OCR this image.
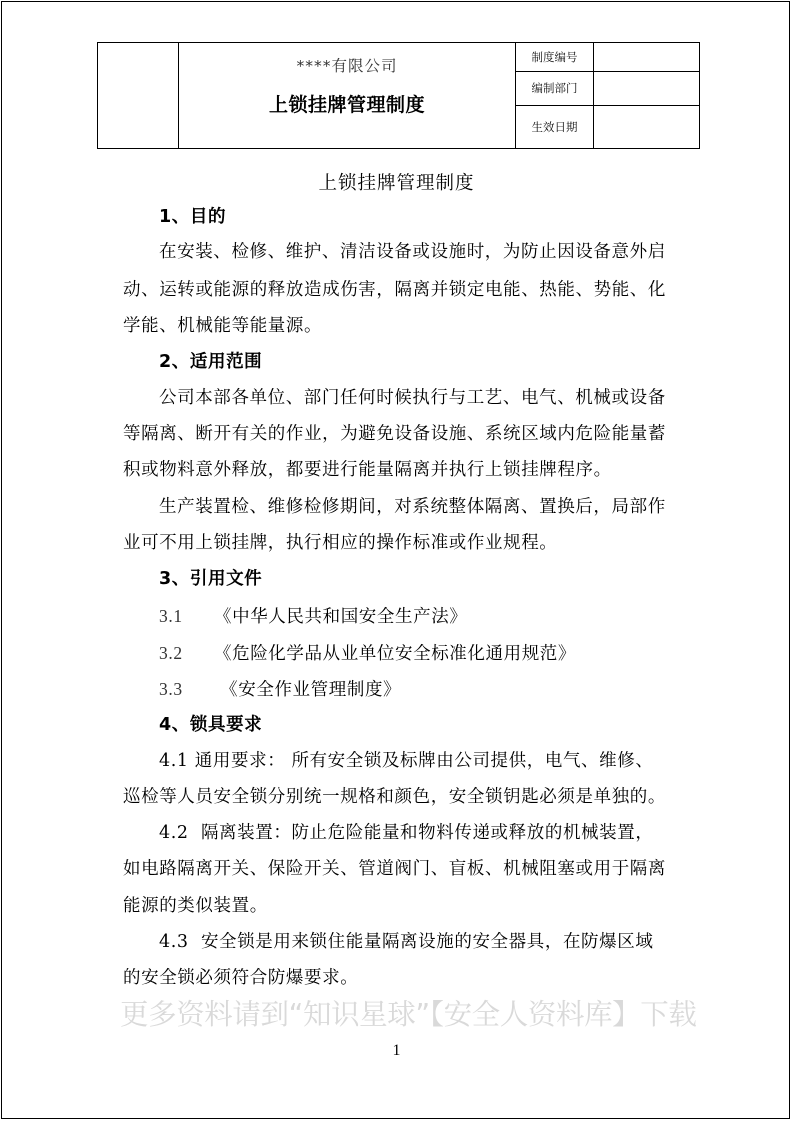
	****有限公司
上锁挂牌管理制度	制度编号	
		编制部门	
		生效日期	
上锁挂牌管理制度
1、目的
在安装、检修、维护、清洁设备或设施时，为防止因设备意外启
动、运转或能源的释放造成伤害，隔离并锁定电能、热能、势能、化
学能、机械能等能量源。
2、适用范围
公司本部各单位、部门任何时候执行与工艺、电气、机械或设备
等隔离、断开有关的作业，为避免设备设施、系统区域内危险能量蓄
积或物料意外释放，都要进行能量隔离并执行上锁挂牌程序。
生产装置检、维修检修期间，对系统整体隔离、置换后，局部作
业可不用上锁挂牌，执行相应的操作标准或作业规程。
3、引用文件
3.1 《中华人民共和国安全生产法》
3.2 《危险化学品从业单位安全标准化通用规范》
3.3 《安全作业管理制度》
4、锁具要求
4.1 通用要求： 所有安全锁及标牌由公司提供，电气、维修、
巡检等人员安全锁分别统一规格和颜色，安全锁钥匙必须是单独的。
4.2  隔离装置：防止危险能量和物料传递或释放的机械装置，
如电路隔离开关、保险开关、管道阀门、盲板、机械阻塞或用于隔离
能源的类似装置。
4.3  安全锁是用来锁住能量隔离设施的安全器具，在防爆区域
的安全锁必须符合防爆要求。
更多资料请到“知识星球”【安全人资料库】下载
1
